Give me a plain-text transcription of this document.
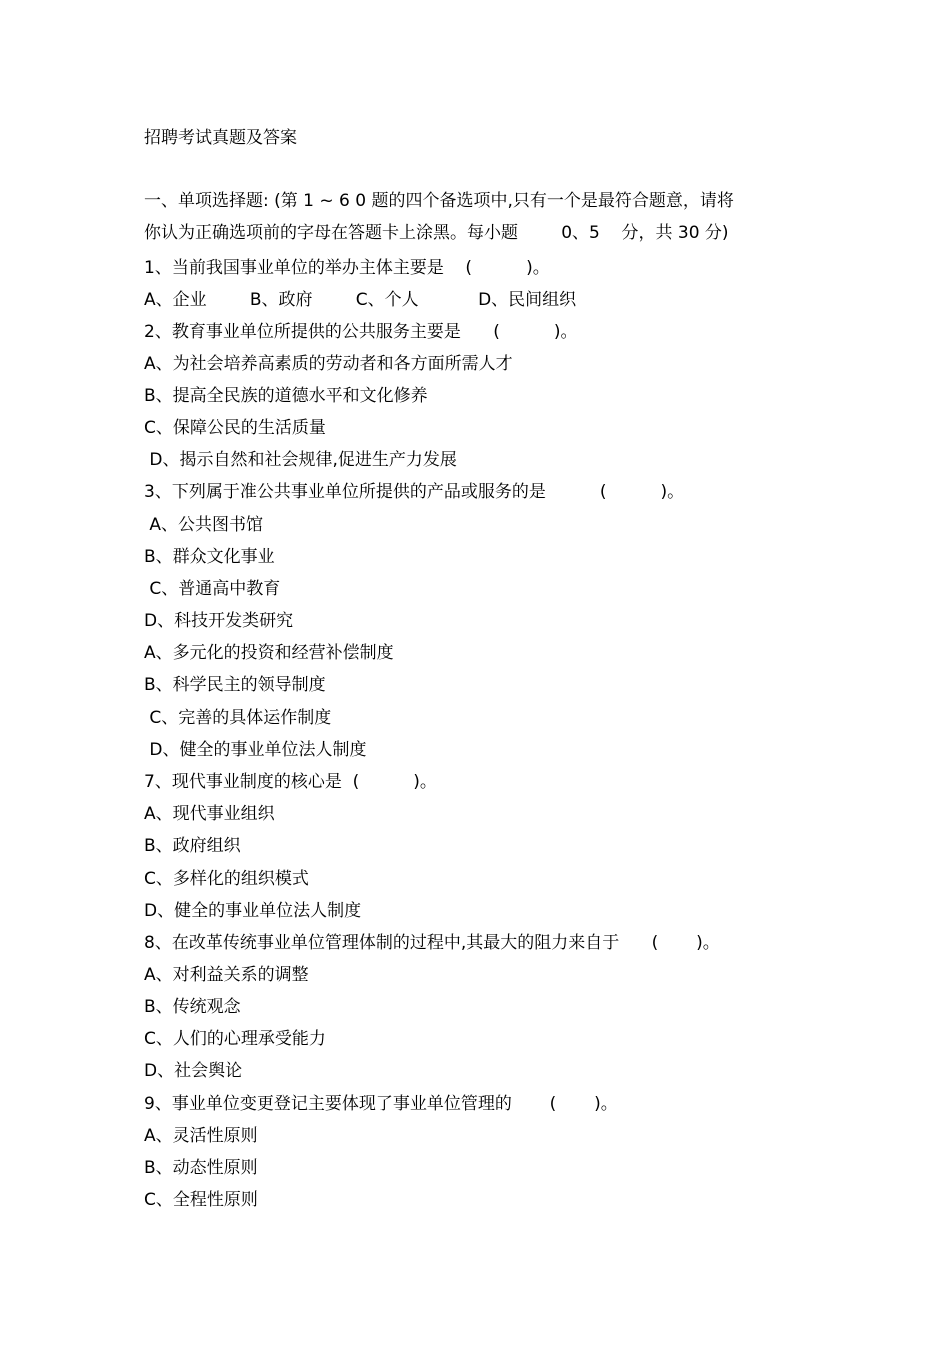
招聘考试真题及答案
一、单项选择题: (第 1 ~ 6 0 题的四个备选项中,只有一个是最符合题意，请将
你认为正确选项前的字母在答题卡上涂黑。每小题        0、5    分，共 30 分)
1、当前我国事业单位的举办主体主要是    (          )。
A、企业        B、政府        C、个人           D、民间组织
2、教育事业单位所提供的公共服务主要是      (          )。
A、为社会培养高素质的劳动者和各方面所需人才
B、提高全民族的道德水平和文化修养
C、保障公民的生活质量
D、揭示自然和社会规律,促进生产力发展
3、下列属于准公共事业单位所提供的产品或服务的是          (          )。
A、公共图书馆
B、群众文化事业
C、普通高中教育
D、科技开发类研究
A、多元化的投资和经营补偿制度
B、科学民主的领导制度
C、完善的具体运作制度
D、健全的事业单位法人制度
7、现代事业制度的核心是  (          )。
A、现代事业组织
B、政府组织
C、多样化的组织模式
D、健全的事业单位法人制度
8、在改革传统事业单位管理体制的过程中,其最大的阻力来自于      (       )。
A、对利益关系的调整
B、传统观念
C、人们的心理承受能力
D、社会舆论
9、事业单位变更登记主要体现了事业单位管理的       (       )。
A、灵活性原则
B、动态性原则
C、全程性原则
